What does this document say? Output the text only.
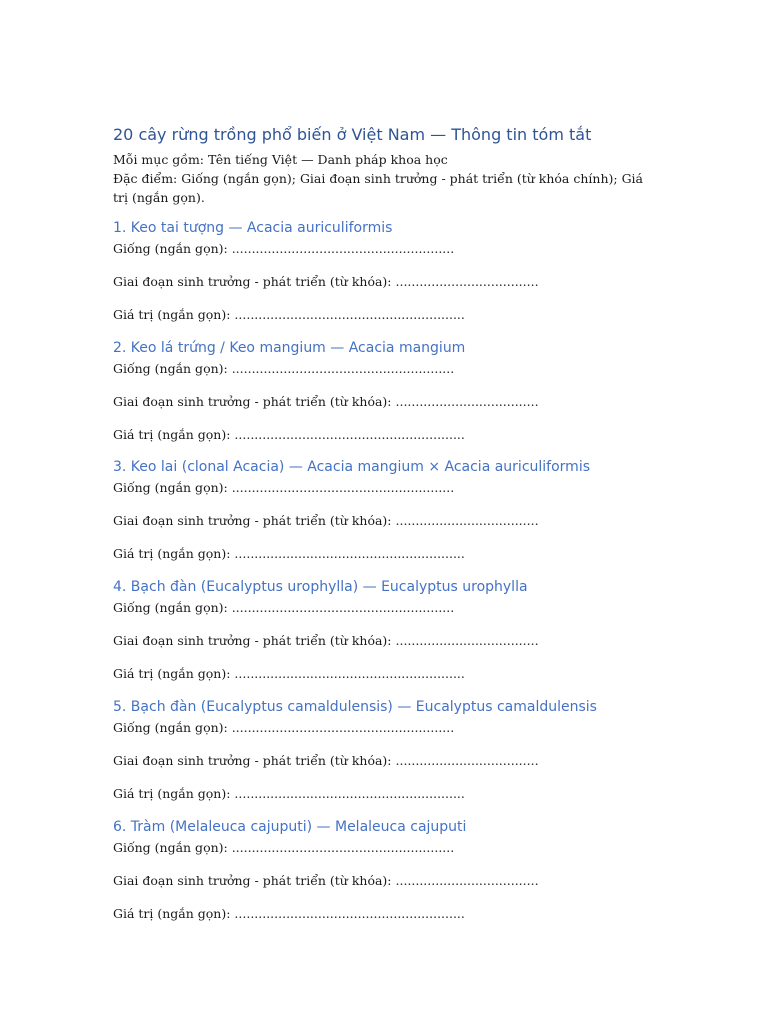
20 cây rừng trồng phổ biến ở Việt Nam — Thông tin tóm tắt

Mỗi mục gồm: Tên tiếng Việt — Danh pháp khoa học

Đặc điểm: Giống (ngắn gọn); Giai đoạn sinh trưởng - phát triển (từ khóa chính); Giá trị (ngắn gọn).

1. Keo tai tượng — Acacia auriculiformis

Giống (ngắn gọn): ........................................................

Giai đoạn sinh trưởng - phát triển (từ khóa): ....................................

Giá trị (ngắn gọn): ..........................................................

2. Keo lá trứng / Keo mangium — Acacia mangium

Giống (ngắn gọn): ........................................................

Giai đoạn sinh trưởng - phát triển (từ khóa): ....................................

Giá trị (ngắn gọn): ..........................................................

3. Keo lai (clonal Acacia) — Acacia mangium × Acacia auriculiformis

Giống (ngắn gọn): ........................................................

Giai đoạn sinh trưởng - phát triển (từ khóa): ....................................

Giá trị (ngắn gọn): ..........................................................

4. Bạch đàn (Eucalyptus urophylla) — Eucalyptus urophylla

Giống (ngắn gọn): ........................................................

Giai đoạn sinh trưởng - phát triển (từ khóa): ....................................

Giá trị (ngắn gọn): ..........................................................

5. Bạch đàn (Eucalyptus camaldulensis) — Eucalyptus camaldulensis

Giống (ngắn gọn): ........................................................

Giai đoạn sinh trưởng - phát triển (từ khóa): ....................................

Giá trị (ngắn gọn): ..........................................................

6. Tràm (Melaleuca cajuputi) — Melaleuca cajuputi

Giống (ngắn gọn): ........................................................

Giai đoạn sinh trưởng - phát triển (từ khóa): ....................................

Giá trị (ngắn gọn): ..........................................................
